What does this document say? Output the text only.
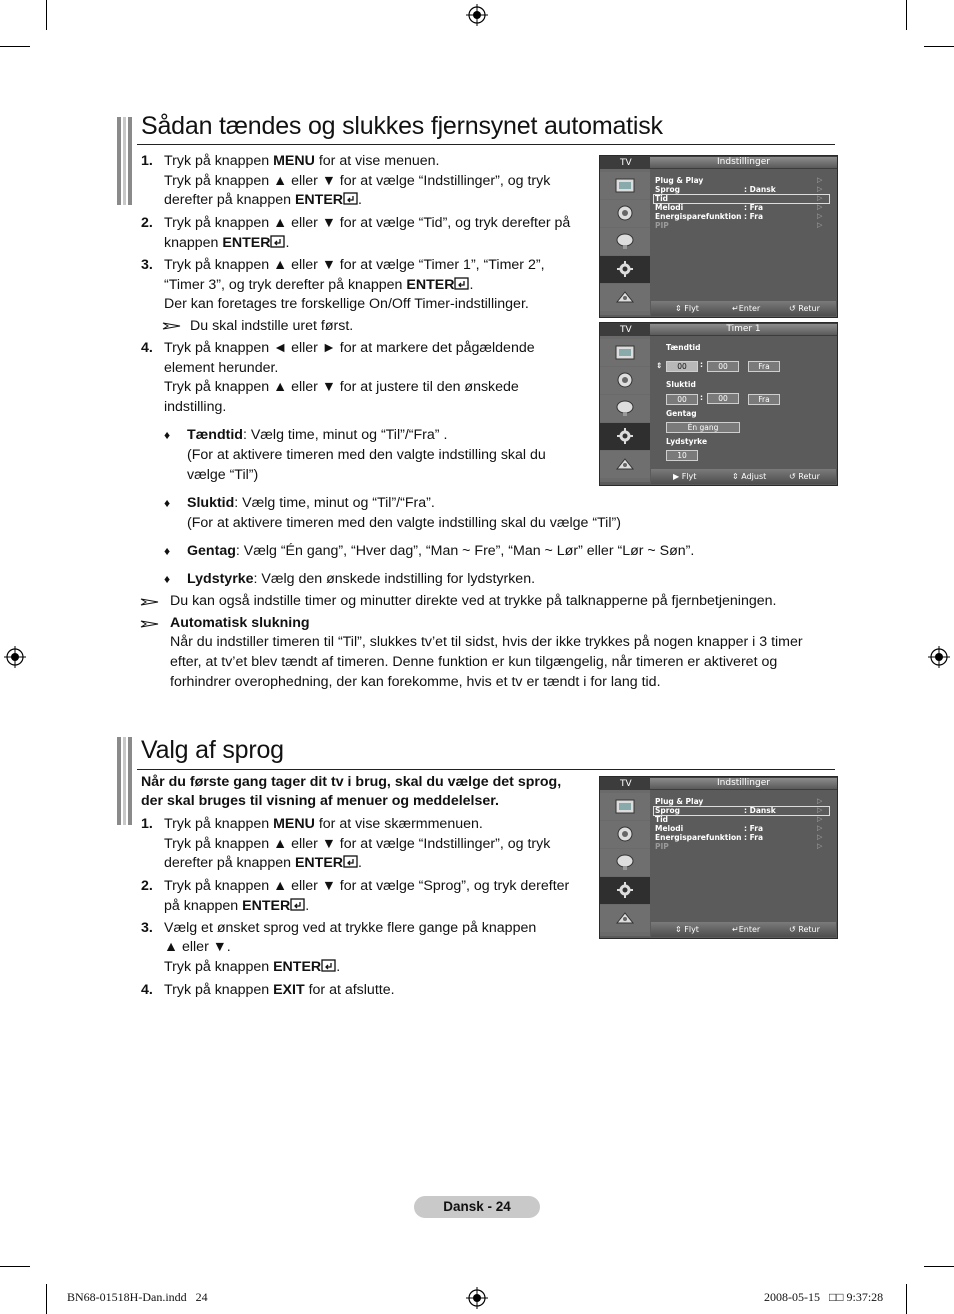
Sådan tændes og slukkes fjernsynet automatisk
1. Tryk på knappen MENU for at vise menuen.
Tryk på knappen ▲ eller ▼ for at vælge “Indstillinger”, og tryk
derefter på knappen ENTER .
2. Tryk på knappen ▲ eller ▼ for at vælge “Tid”, og tryk derefter på
knappen ENTER .
3. Tryk på knappen ▲ eller ▼ for at vælge “Timer 1”, “Timer 2”,
“Timer 3”, og tryk derefter på knappen ENTER .
Der kan foretages tre forskellige On/Off Timer-indstillinger.
4. Tryk på knappen ◄ eller ► for at markere det pågældende
element herunder.
Tryk på knappen ▲ eller ▼ for at justere til den ønskede
indstilling.
Du skal indstille uret først.
♦ Tændtid: Vælg time, minut og “Til”/“Fra” .
(For at aktivere timeren med den valgte indstilling skal du
vælge “Til”)
♦ Sluktid: Vælg time, minut og “Til”/“Fra”.
(For at aktivere timeren med den valgte indstilling skal du vælge “Til”)
♦ Gentag: Vælg “Én gang”, “Hver dag”, “Man ~ Fre”, “Man ~ Lør” eller “Lør ~ Søn”.
♦ Lydstyrke: Vælg den ønskede indstilling for lydstyrken.
Du kan også indstille timer og minutter direkte ved at trykke på talknapperne på fjernbetjeningen.
Automatisk slukning
Når du indstiller timeren til “Til”, slukkes tv’et til sidst, hvis der ikke trykkes på nogen knapper i 3 timer
efter, at tv’et blev tændt af timeren. Denne funktion er kun tilgængelig, når timeren er aktiveret og
forhindrer overophedning, der kan forekomme, hvis et tv er tændt i for lang tid.
TV	Indstillinger
Plug & Play	▷
Sprog	: Dansk	▷
Tid	▷
Melodi	: Fra	▷
Energisparefunktion : Fra	▷
PIP	▷
⇕ Flyt	↵Enter	↺ Retur
TV	Timer 1
Tændtid
⇕	00	:	00	Fra
Sluktid
00	:	00	Fra
Gentag
Én gang
Lydstyrke
10
▶ Flyt	⇕ Adjust	↺ Retur
TV	Indstillinger
Plug & Play	▷
Sprog	: Dansk	▷
Tid	▷
Melodi	: Fra	▷
Energisparefunktion : Fra	▷
PIP	▷
⇕ Flyt	↵Enter	↺ Retur
Valg af sprog
Når du første gang tager dit tv i brug, skal du vælge det sprog,
der skal bruges til visning af menuer og meddelelser.
1. Tryk på knappen MENU for at vise skærmmenuen.
Tryk på knappen ▲ eller ▼ for at vælge “Indstillinger”, og tryk
derefter på knappen ENTER .
2. Tryk på knappen ▲ eller ▼ for at vælge “Sprog”, og tryk derefter
på knappen ENTER .
3. Vælg et ønsket sprog ved at trykke flere gange på knappen
▲ eller ▼.
Tryk på knappen ENTER .
4. Tryk på knappen EXIT for at afslutte.
Dansk - 24
BN68-01518H-Dan.indd   24	2008-05-15   □□ 9:37:28
